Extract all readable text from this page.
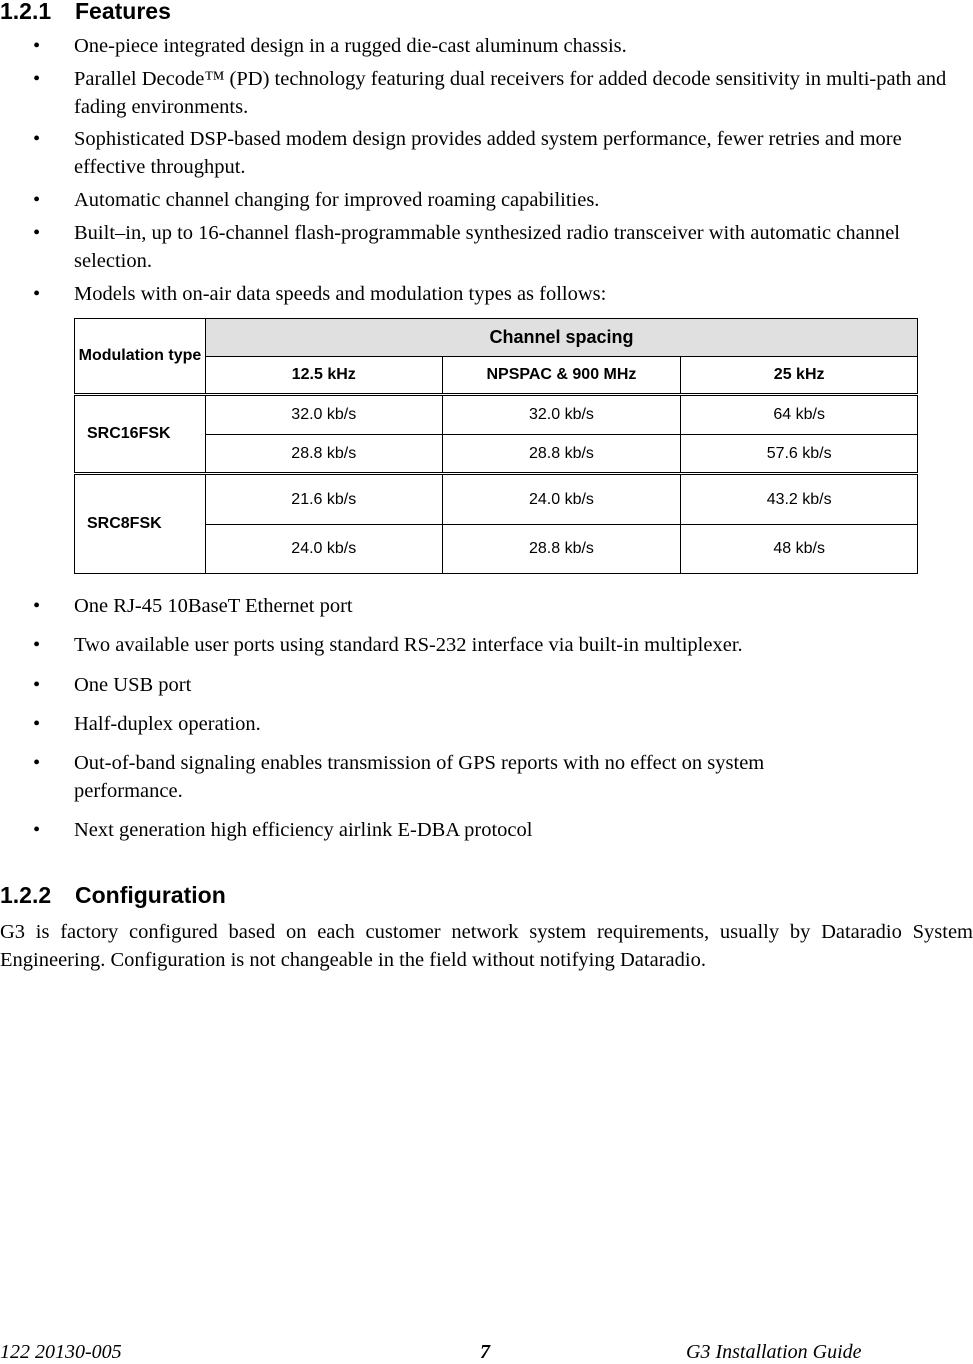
1.2.1 Features
• One-piece integrated design in a rugged die-cast aluminum chassis.
• Parallel Decode™ (PD) technology featuring dual receivers for added decode sensitivity in multi-path and fading environments.
• Sophisticated DSP-based modem design provides added system performance, fewer retries and more effective throughput.
• Automatic channel changing for improved roaming capabilities.
• Built–in, up to 16-channel flash-programmable synthesized radio transceiver with automatic channel selection.
• Models with on-air data speeds and modulation types as follows:
Modulation type	Channel spacing		
	12.5 kHz	NPSPAC & 900 MHz	25 kHz
SRC16FSK	32.0 kb/s	32.0 kb/s	64 kb/s
	28.8 kb/s	28.8 kb/s	57.6 kb/s
SRC8FSK	21.6 kb/s	24.0 kb/s	43.2 kb/s
	24.0 kb/s	28.8 kb/s	48 kb/s
• One RJ-45 10BaseT Ethernet port
• Two available user ports using standard RS-232 interface via built-in multiplexer.
• One USB port
• Half-duplex operation.
• Out-of-band signaling enables transmission of GPS reports with no effect on system performance.
• Next generation high efficiency airlink E-DBA protocol
1.2.2 Configuration

G3 is factory configured based on each customer network system requirements, usually by Dataradio System Engineering. Configuration is not changeable in the field without notifying Dataradio.

122 20130-005	7	G3 Installation Guide
